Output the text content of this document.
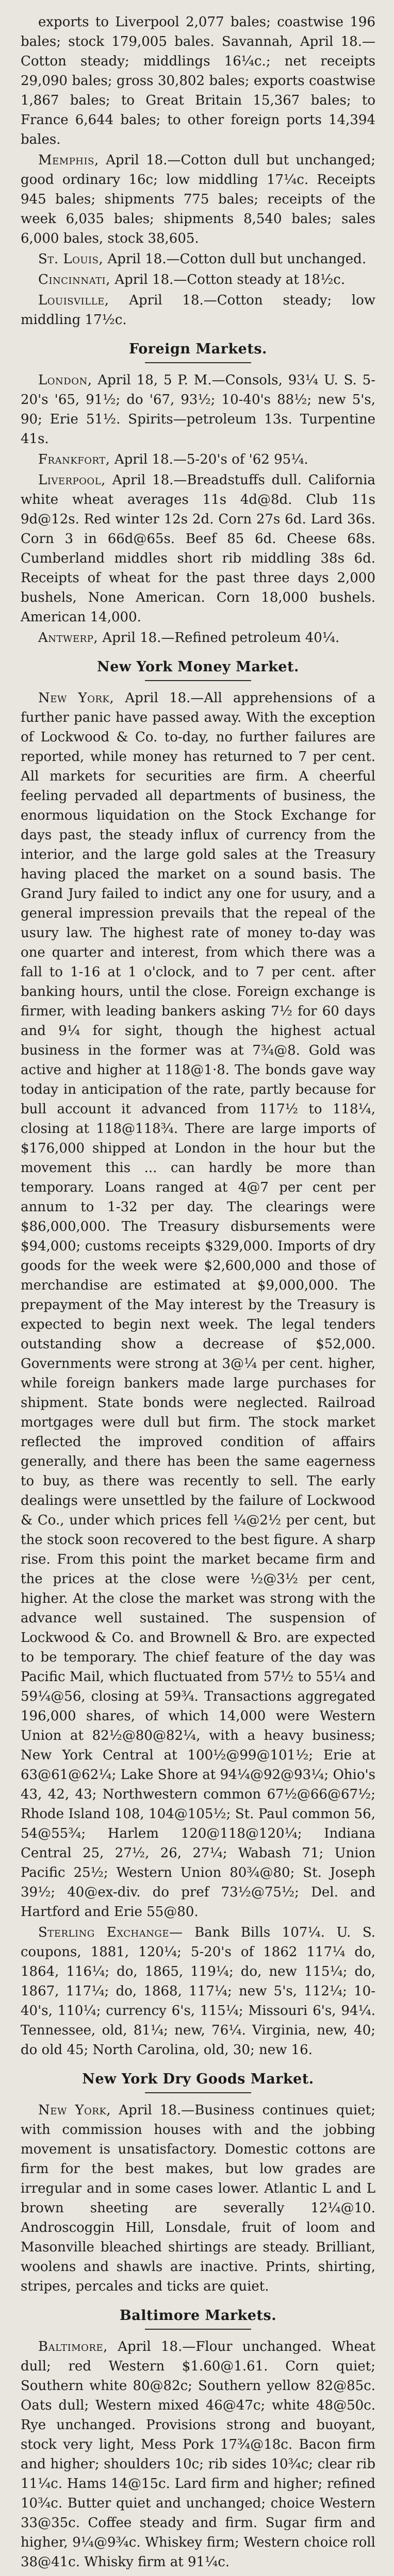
exports to Liverpool 2,077 bales; coastwise 196 bales; stock 179,005 bales. Savannah, April 18.—Cotton steady; middlings 16¼c.; net receipts 29,090 bales; gross 30,802 bales; exports coastwise 1,867 bales; to Great Britain 15,367 bales; to France 6,644 bales; to other foreign ports 14,394 bales.

Memphis, April 18.—Cotton dull but unchanged; good ordinary 16c; low middling 17¼c. Receipts 945 bales; shipments 775 bales; receipts of the week 6,035 bales; shipments 8,540 bales; sales 6,000 bales, stock 38,605.

St. Louis, April 18.—Cotton dull but unchanged.

Cincinnati, April 18.—Cotton steady at 18½c.

Louisville, April 18.—Cotton steady; low middling 17½c.

Foreign Markets.

London, April 18, 5 P. M.—Consols, 93¼ U. S. 5-20's '65, 91½; do '67, 93½; 10-40's 88½; new 5's, 90; Erie 51½. Spirits—petroleum 13s. Turpentine 41s.

Frankfort, April 18.—5-20's of '62 95¼.

Liverpool, April 18.—Breadstuffs dull. California white wheat averages 11s 4d@8d. Club 11s 9d@12s. Red winter 12s 2d. Corn 27s 6d. Lard 36s. Corn 3 in 66d@65s. Beef 85 6d. Cheese 68s. Cumberland middles short rib middling 38s 6d. Receipts of wheat for the past three days 2,000 bushels, None American. Corn 18,000 bushels. American 14,000.

Antwerp, April 18.—Refined petroleum 40¼.

New York Money Market.

New York, April 18.—All apprehensions of a further panic have passed away. With the exception of Lockwood & Co. to-day, no further failures are reported, while money has returned to 7 per cent. All markets for securities are firm. A cheerful feeling pervaded all departments of business, the enormous liquidation on the Stock Exchange for days past, the steady influx of currency from the interior, and the large gold sales at the Treasury having placed the market on a sound basis. The Grand Jury failed to indict any one for usury, and a general impression prevails that the repeal of the usury law. The highest rate of money to-day was one quarter and interest, from which there was a fall to 1-16 at 1 o'clock, and to 7 per cent. after banking hours, until the close. Foreign exchange is firmer, with leading bankers asking 7½ for 60 days and 9¼ for sight, though the highest actual business in the former was at 7¾@8. Gold was active and higher at 118@1·8. The bonds gave way today in anticipation of the rate, partly because for bull account it advanced from 117½ to 118¼, closing at 118@118¾. There are large imports of $176,000 shipped at London in the hour but the movement this ... can hardly be more than temporary. Loans ranged at 4@7 per cent per annum to 1-32 per day. The clearings were $86,000,000. The Treasury disbursements were $94,000; customs receipts $329,000. Imports of dry goods for the week were $2,600,000 and those of merchandise are estimated at $9,000,000. The prepayment of the May interest by the Treasury is expected to begin next week. The legal tenders outstanding show a decrease of $52,000. Governments were strong at 3@¼ per cent. higher, while foreign bankers made large purchases for shipment. State bonds were neglected. Railroad mortgages were dull but firm. The stock market reflected the improved condition of affairs generally, and there has been the same eagerness to buy, as there was recently to sell. The early dealings were unsettled by the failure of Lockwood & Co., under which prices fell ¼@2½ per cent, but the stock soon recovered to the best figure. A sharp rise. From this point the market became firm and the prices at the close were ½@3½ per cent, higher. At the close the market was strong with the advance well sustained. The suspension of Lockwood & Co. and Brownell & Bro. are expected to be temporary. The chief feature of the day was Pacific Mail, which fluctuated from 57½ to 55¼ and 59¼@56, closing at 59¾. Transactions aggregated 196,000 shares, of which 14,000 were Western Union at 82½@80@82¼, with a heavy business; New York Central at 100½@99@101½; Erie at 63@61@62¼; Lake Shore at 94¼@92@93¼; Ohio's 43, 42, 43; Northwestern common 67½@66@67½; Rhode Island 108, 104@105½; St. Paul common 56, 54@55¾; Harlem 120@118@120¼; Indiana Central 25, 27½, 26, 27¼; Wabash 71; Union Pacific 25½; Western Union 80¾@80; St. Joseph 39½; 40@ex-div. do pref 73½@75½; Del. and Hartford and Erie 55@80.

Sterling Exchange— Bank Bills 107¼. U. S. coupons, 1881, 120¼; 5-20's of 1862 117¼ do, 1864, 116¼; do, 1865, 119¼; do, new 115¼; do, 1867, 117¼; do, 1868, 117¼; new 5's, 112¼; 10-40's, 110¼; currency 6's, 115¼; Missouri 6's, 94¼. Tennessee, old, 81¼; new, 76¼. Virginia, new, 40; do old 45; North Carolina, old, 30; new 16.

New York Dry Goods Market.

New York, April 18.—Business continues quiet; with commission houses with and the jobbing movement is unsatisfactory. Domestic cottons are firm for the best makes, but low grades are irregular and in some cases lower. Atlantic L and L brown sheeting are severally 12¼@10. Androscoggin Hill, Lonsdale, fruit of loom and Masonville bleached shirtings are steady. Brilliant, woolens and shawls are inactive. Prints, shirting, stripes, percales and ticks are quiet.

Baltimore Markets.

Baltimore, April 18.—Flour unchanged. Wheat dull; red Western $1.60@1.61. Corn quiet; Southern white 80@82c; Southern yellow 82@85c. Oats dull; Western mixed 46@47c; white 48@50c. Rye unchanged. Provisions strong and buoyant, stock very light, Mess Pork 17¾@18c. Bacon firm and higher; shoulders 10c; rib sides 10¾c; clear rib 11¼c. Hams 14@15c. Lard firm and higher; refined 10¾c. Butter quiet and unchanged; choice Western 33@35c. Coffee steady and firm. Sugar firm and higher, 9¼@9¾c. Whiskey firm; Western choice roll 38@41c. Whisky firm at 91¼c.
